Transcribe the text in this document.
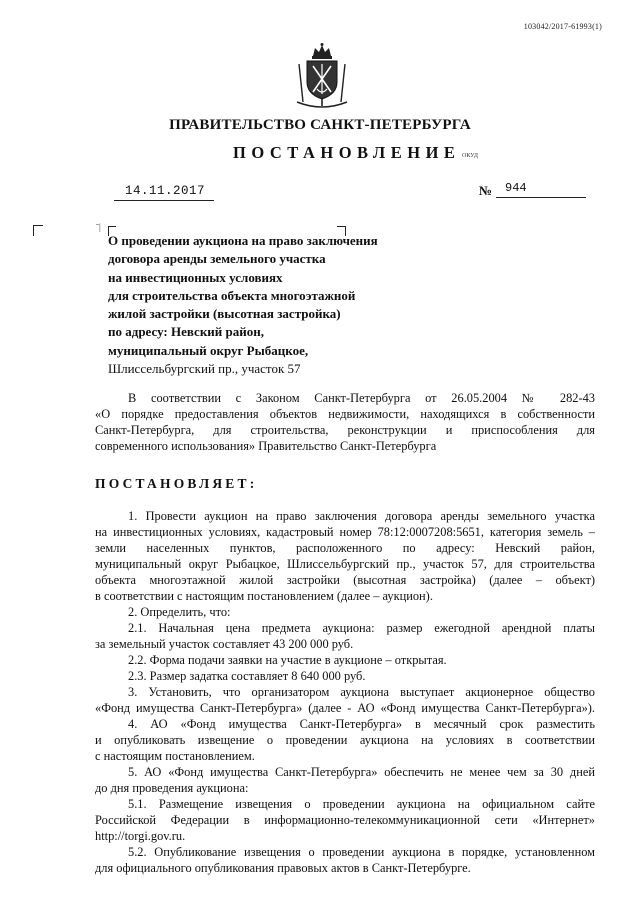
103042/2017-61993(1)
ПРАВИТЕЛЬСТВО САНКТ-ПЕТЕРБУРГА
ПОСТАНОВЛЕНИЕ ОКУД
14.11.2017	№ 944
ˉ|
О проведении аукциона на право заключения
договора аренды земельного участка
на инвестиционных условиях
для строительства объекта многоэтажной
жилой застройки (высотная застройка)
по адресу: Невский район,
муниципальный округ Рыбацкое,
Шлиссельбургский пр., участок 57
В соответствии с Законом Санкт-Петербурга от 26.05.2004 № 282-43
«О порядке предоставления объектов недвижимости, находящихся в собственности
Санкт-Петербурга, для строительства, реконструкции и приспособления для
современного использования» Правительство Санкт-Петербурга
ПОСТАНОВЛЯЕТ:
1. Провести аукцион на право заключения договора аренды земельного участка
на инвестиционных условиях, кадастровый номер 78:12:0007208:5651, категория земель –
земли населенных пунктов, расположенного по адресу: Невский район,
муниципальный округ Рыбацкое, Шлиссельбургский пр., участок 57, для строительства
объекта многоэтажной жилой застройки (высотная застройка) (далее – объект)
в соответствии с настоящим постановлением (далее – аукцион).
2. Определить, что:
2.1. Начальная цена предмета аукциона: размер ежегодной арендной платы
за земельный участок составляет 43 200 000 руб.
2.2. Форма подачи заявки на участие в аукционе – открытая.
2.3. Размер задатка составляет 8 640 000 руб.
3. Установить, что организатором аукциона выступает акционерное общество
«Фонд имущества Санкт-Петербурга» (далее - АО «Фонд имущества Санкт-Петербурга»).
4. АО «Фонд имущества Санкт-Петербурга» в месячный срок разместить
и опубликовать извещение о проведении аукциона на условиях в соответствии
с настоящим постановлением.
5. АО «Фонд имущества Санкт-Петербурга» обеспечить не менее чем за 30 дней
до дня проведения аукциона:
5.1. Размещение извещения о проведении аукциона на официальном сайте
Российской Федерации в информационно-телекоммуникационной сети «Интернет»
http://torgi.gov.ru.
5.2. Опубликование извещения о проведении аукциона в порядке, установленном
для официального опубликования правовых актов в Санкт-Петербурге.
